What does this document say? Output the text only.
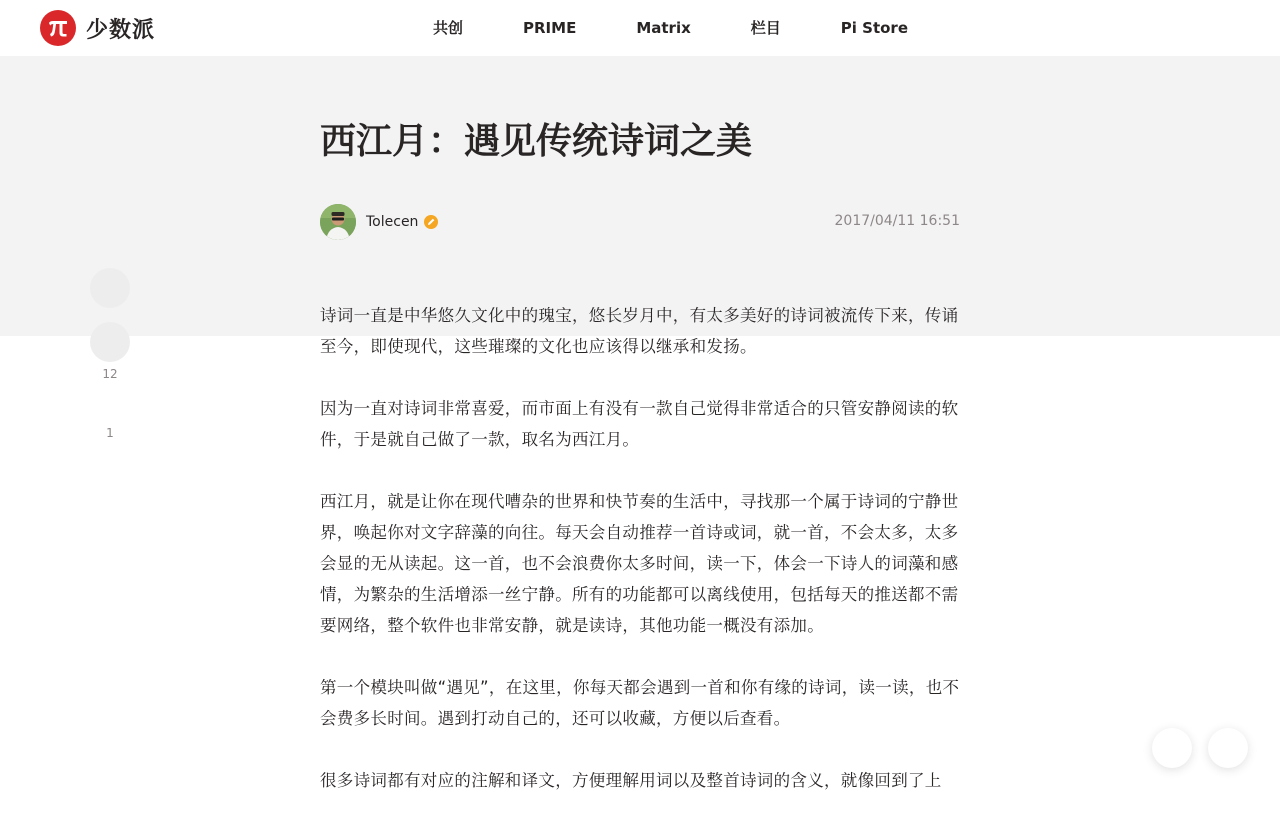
少数派	共创	PRIME	Matrix	栏目	Pi Store
西江月：遇见传统诗词之美
Tolecen	2017/04/11 16:51
12
1

诗词一直是中华悠久文化中的瑰宝，悠长岁月中，有太多美好的诗词被流传下来，传诵至今，即使现代，这些璀璨的文化也应该得以继承和发扬。

因为一直对诗词非常喜爱，而市面上有没有一款自己觉得非常适合的只管安静阅读的软件，于是就自己做了一款，取名为西江月。

西江月，就是让你在现代嘈杂的世界和快节奏的生活中，寻找那一个属于诗词的宁静世界，唤起你对文字辞藻的向往。每天会自动推荐一首诗或词，就一首，不会太多，太多会显的无从读起。这一首，也不会浪费你太多时间，读一下，体会一下诗人的词藻和感情，为繁杂的生活增添一丝宁静。所有的功能都可以离线使用，包括每天的推送都不需要网络，整个软件也非常安静，就是读诗，其他功能一概没有添加。

第一个模块叫做“遇见”，在这里，你每天都会遇到一首和你有缘的诗词，读一读，也不会费多长时间。遇到打动自己的，还可以收藏，方便以后查看。

很多诗词都有对应的注解和译文，方便理解用词以及整首诗词的含义，就像回到了上
